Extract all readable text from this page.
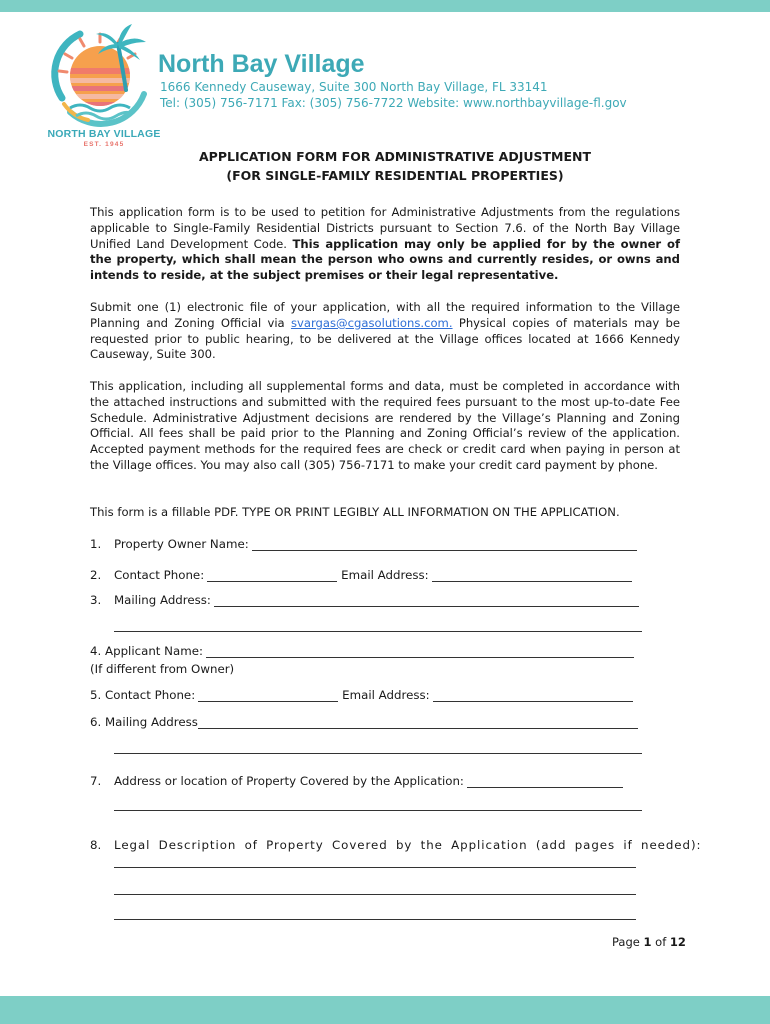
NORTH BAY VILLAGE
EST. 1945
North Bay Village
1666 Kennedy Causeway, Suite 300 North Bay Village, FL 33141
Tel: (305) 756-7171 Fax: (305) 756-7722 Website: www.northbayvillage-fl.gov
APPLICATION FORM FOR ADMINISTRATIVE ADJUSTMENT
(FOR SINGLE-FAMILY RESIDENTIAL PROPERTIES)
This application form is to be used to petition for Administrative Adjustments from the regulations applicable to Single-Family Residential Districts pursuant to Section 7.6. of the North Bay Village Unified Land Development Code. This application may only be applied for by the owner of the property, which shall mean the person who owns and currently resides, or owns and intends to reside, at the subject premises or their legal representative.
Submit one (1) electronic file of your application, with all the required information to the Village Planning and Zoning Official via svargas@cgasolutions.com. Physical copies of materials may be requested prior to public hearing, to be delivered at the Village offices located at 1666 Kennedy Causeway, Suite 300.
This application, including all supplemental forms and data, must be completed in accordance with the attached instructions and submitted with the required fees pursuant to the most up-to-date Fee Schedule. Administrative Adjustment decisions are rendered by the Village’s Planning and Zoning Official. All fees shall be paid prior to the Planning and Zoning Official’s review of the application. Accepted payment methods for the required fees are check or credit card when paying in person at the Village offices. You may also call (305) 756-7171 to make your credit card payment by phone.
This form is a fillable PDF. TYPE OR PRINT LEGIBLY ALL INFORMATION ON THE APPLICATION.
1.	Property Owner Name:
2.	Contact Phone:	Email Address:
3.	Mailing Address:
4. Applicant Name:
(If different from Owner)
5. Contact Phone:	Email Address:
6. Mailing Address
7.	Address or location of Property Covered by the Application:
8.	Legal Description of Property Covered by the Application (add pages if needed):
Page 1 of 12
